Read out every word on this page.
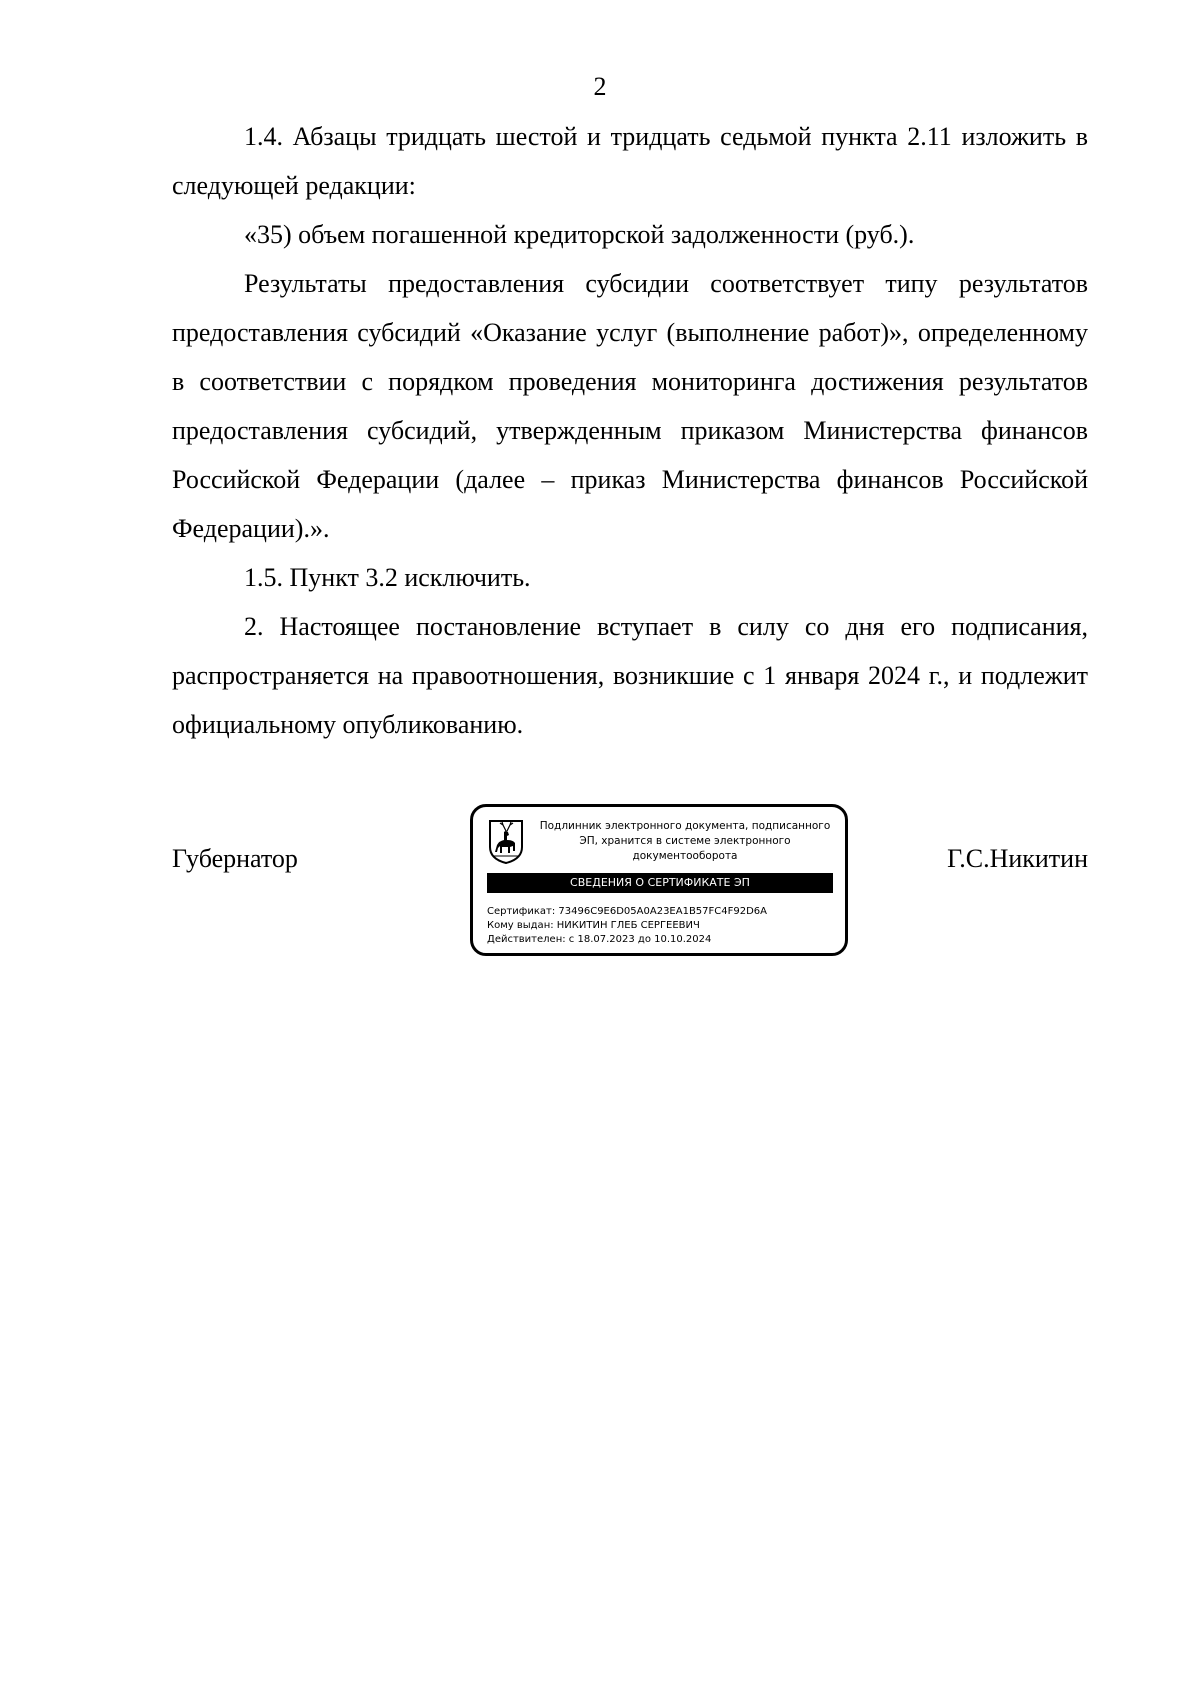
2

1.4. Абзацы тридцать шестой и тридцать седьмой пункта 2.11 изложить в следующей редакции:

«35) объем погашенной кредиторской задолженности (руб.).

Результаты предоставления субсидии соответствует типу результатов предоставления субсидий «Оказание услуг (выполнение работ)», определенному в соответствии с порядком проведения мониторинга достижения результатов предоставления субсидий, утвержденным приказом Министерства финансов Российской Федерации (далее – приказ Министерства финансов Российской Федерации).».

1.5. Пункт 3.2 исключить.

2. Настоящее постановление вступает в силу со дня его подписания, распространяется на правоотношения, возникшие с 1 января 2024 г., и подлежит официальному опубликованию.

Губернатор
Подлинник электронного документа, подписанного ЭП, хранится в системе электронного документооборота
СВЕДЕНИЯ О СЕРТИФИКАТЕ ЭП
Сертификат: 73496C9E6D05A0A23EA1B57FC4F92D6A
Кому выдан: НИКИТИН ГЛЕБ СЕРГЕЕВИЧ
Действителен: с 18.07.2023 до 10.10.2024
Г.С.Никитин
